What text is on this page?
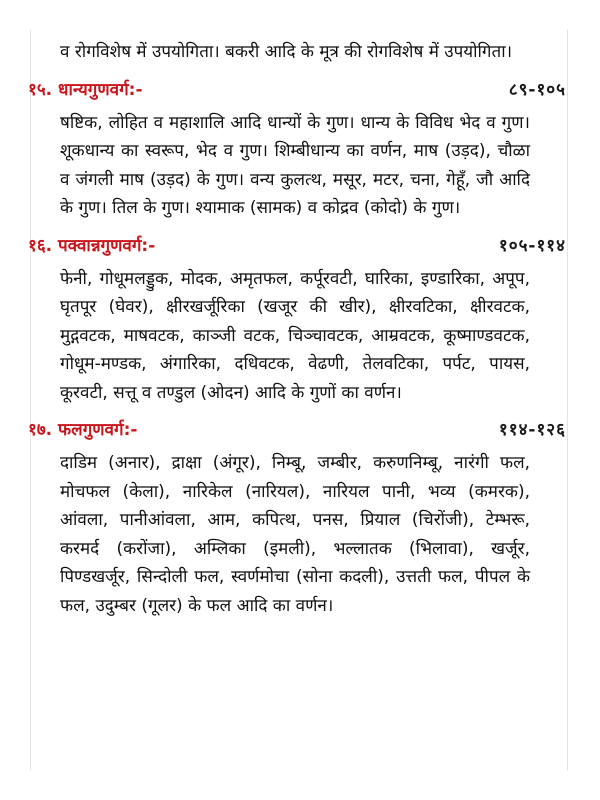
व रोगविशेष में उपयोगिता। बकरी आदि के मूत्र की रोगविशेष में उपयोगिता।

१५. धान्यगुणवर्ग:-	८९-१०५

षष्टिक, लोहित व महाशालि आदि धान्यों के गुण। धान्य के विविध भेद व गुण। शूकधान्य का स्वरूप, भेद व गुण। शिम्बीधान्य का वर्णन, माष (उड़द), चौळा व जंगली माष (उड़द) के गुण। वन्य कुलत्थ, मसूर, मटर, चना, गेहूँ, जौ आदि के गुण। तिल के गुण। श्यामाक (सामक) व कोद्रव (कोदो) के गुण।

१६. पक्वान्नगुणवर्ग:-	१०५-११४

फेनी, गोधूमलड्डुक, मोदक, अमृतफल, कर्पूरवटी, घारिका, इण्डारिका, अपूप, घृतपूर (घेवर), क्षीरखर्जूरिका (खजूर की खीर), क्षीरवटिका, क्षीरवटक, मुद्गवटक, माषवटक, काञ्जी वटक, चिञ्चावटक, आम्रवटक, कूष्माण्डवटक, गोधूम-मण्डक, अंगारिका, दधिवटक, वेढणी, तेलवटिका, पर्पट, पायस, कूरवटी, सत्तू व तण्डुल (ओदन) आदि के गुणों का वर्णन।

१७. फलगुणवर्ग:-	११४-१२६

दाडिम (अनार), द्राक्षा (अंगूर), निम्बू, जम्बीर, करुणनिम्बू, नारंगी फल, मोचफल (केला), नारिकेल (नारियल), नारियल पानी, भव्य (कमरक), आंवला, पानीआंवला, आम, कपित्थ, पनस, प्रियाल (चिरोंजी), टेम्भरू, करमर्द (करोंजा), अम्लिका (इमली), भल्लातक (भिलावा), खर्जूर, पिण्डखर्जूर, सिन्दोली फल, स्वर्णमोचा (सोना कदली), उत्तती फल, पीपल के फल, उदुम्बर (गूलर) के फल आदि का वर्णन।
